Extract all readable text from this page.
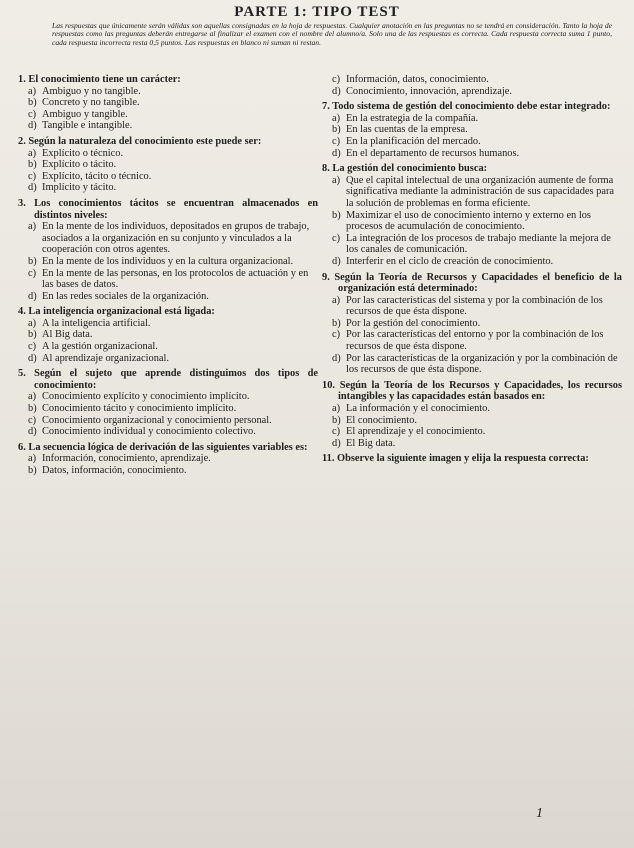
PARTE 1: TIPO TEST
Las respuestas que únicamente serán válidas son aquellas consignadas en la hoja de respuestas. Cualquier anotación en las preguntas no se tendrá en consideración. Tanto la hoja de respuestas como las preguntas deberán entregarse al finalizar el examen con el nombre del alumno/a. Solo una de las respuestas es correcta. Cada respuesta correcta suma 1 punto, cada respuesta incorrecta resta 0,5 puntos. Las respuestas en blanco ni suman ni restan.
1. El conocimiento tiene un carácter:
a) Ambiguo y no tangible.
b) Concreto y no tangible.
c) Ambiguo y tangible.
d) Tangible e intangible.
2. Según la naturaleza del conocimiento este puede ser:
a) Explícito o técnico.
b) Explícito o tácito.
c) Explícito, tácito o técnico.
d) Implícito y tácito.
3. Los conocimientos tácitos se encuentran almacenados en distintos niveles:
a) En la mente de los individuos, depositados en grupos de trabajo, asociados a la organización en su conjunto y vinculados a la cooperación con otros agentes.
b) En la mente de los individuos y en la cultura organizacional.
c) En la mente de las personas, en los protocolos de actuación y en las bases de datos.
d) En las redes sociales de la organización.
4. La inteligencia organizacional está ligada:
a) A la inteligencia artificial.
b) Al Big data.
c) A la gestión organizacional.
d) Al aprendizaje organizacional.
5. Según el sujeto que aprende distinguimos dos tipos de conocimiento:
a) Conocimiento explícito y conocimiento implícito.
b) Conocimiento tácito y conocimiento implícito.
c) Conocimiento organizacional y conocimiento personal.
d) Conocimiento individual y conocimiento colectivo.
6. La secuencia lógica de derivación de las siguientes variables es:
a) Información, conocimiento, aprendizaje.
b) Datos, información, conocimiento.
c) Información, datos, conocimiento.
d) Conocimiento, innovación, aprendizaje.
7. Todo sistema de gestión del conocimiento debe estar integrado:
a) En la estrategia de la compañía.
b) En las cuentas de la empresa.
c) En la planificación del mercado.
d) En el departamento de recursos humanos.
8. La gestión del conocimiento busca:
a) Que el capital intelectual de una organización aumente de forma significativa mediante la administración de sus capacidades para la solución de problemas en forma eficiente.
b) Maximizar el uso de conocimiento interno y externo en los procesos de acumulación de conocimiento.
c) La integración de los procesos de trabajo mediante la mejora de los canales de comunicación.
d) Interferir en el ciclo de creación de conocimiento.
9. Según la Teoría de Recursos y Capacidades el beneficio de la organización está determinado:
a) Por las características del sistema y por la combinación de los recursos de que ésta dispone.
b) Por la gestión del conocimiento.
c) Por las características del entorno y por la combinación de los recursos de que ésta dispone.
d) Por las características de la organización y por la combinación de los recursos de que ésta dispone.
10. Según la Teoría de los Recursos y Capacidades, los recursos intangibles y las capacidades están basados en:
a) La información y el conocimiento.
b) El conocimiento.
c) El aprendizaje y el conocimiento.
d) El Big data.
11. Observe la siguiente imagen y elija la respuesta correcta:
1
